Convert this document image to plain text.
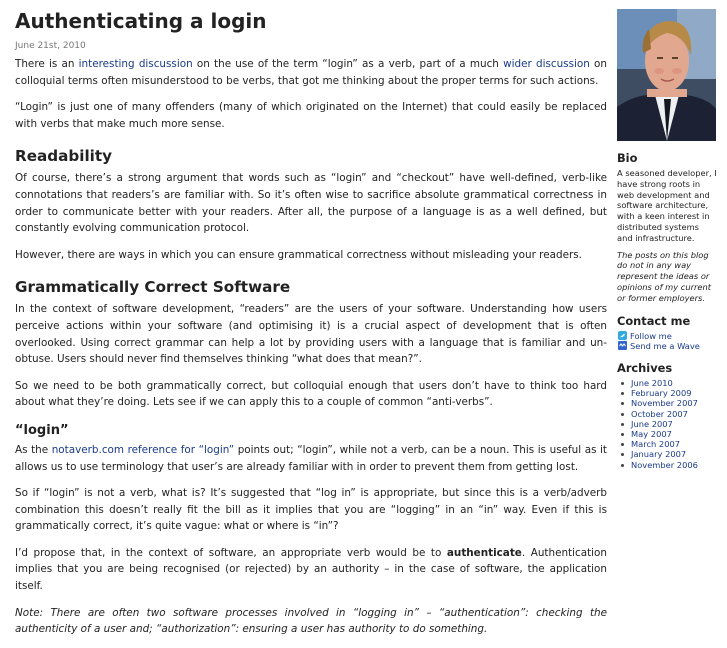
Authenticating a login
June 21st, 2010

There is an interesting discussion on the use of the term “login” as a verb, part of a much wider discussion on colloquial terms often misunderstood to be verbs, that got me thinking about the proper terms for such actions.

“Login” is just one of many offenders (many of which originated on the Internet) that could easily be replaced with verbs that make much more sense.

Readability

Of course, there’s a strong argument that words such as “login” and “checkout” have well-defined, verb-like connotations that readers’s are familiar with. So it’s often wise to sacrifice absolute grammatical correctness in order to communicate better with your readers. After all, the purpose of a language is as a well defined, but constantly evolving communication protocol.

However, there are ways in which you can ensure grammatical correctness without misleading your readers.

Grammatically Correct Software

In the context of software development, “readers” are the users of your software. Understanding how users perceive actions within your software (and optimising it) is a crucial aspect of development that is often overlooked. Using correct grammar can help a lot by providing users with a language that is familiar and un-obtuse. Users should never find themselves thinking “what does that mean?”.

So we need to be both grammatically correct, but colloquial enough that users don’t have to think too hard about what they’re doing. Lets see if we can apply this to a couple of common “anti-verbs”.

“login”

As the notaverb.com reference for “login” points out; “login”, while not a verb, can be a noun. This is useful as it allows us to use terminology that user’s are already familiar with in order to prevent them from getting lost.

So if “login” is not a verb, what is? It’s suggested that “log in” is appropriate, but since this is a verb/adverb combination this doesn’t really fit the bill as it implies that you are “logging” in an “in” way. Even if this is grammatically correct, it’s quite vague: what or where is “in”?

I’d propose that, in the context of software, an appropriate verb would be to authenticate. Authentication implies that you are being recognised (or rejected) by an authority – in the case of software, the application itself.

Note: There are often two software processes involved in “logging in” – “authentication”: checking the authenticity of a user and; “authorization”: ensuring a user has authority to do something.

Bio

A seasoned developer, I have strong roots in web development and software architecture, with a keen interest in distributed systems and infrastructure.

The posts on this blog do not in any way represent the ideas or opinions of my current or former employers.

Contact me
Follow me
Send me a Wave
Archives
June 2010
February 2009
November 2007
October 2007
June 2007
May 2007
March 2007
January 2007
November 2006
